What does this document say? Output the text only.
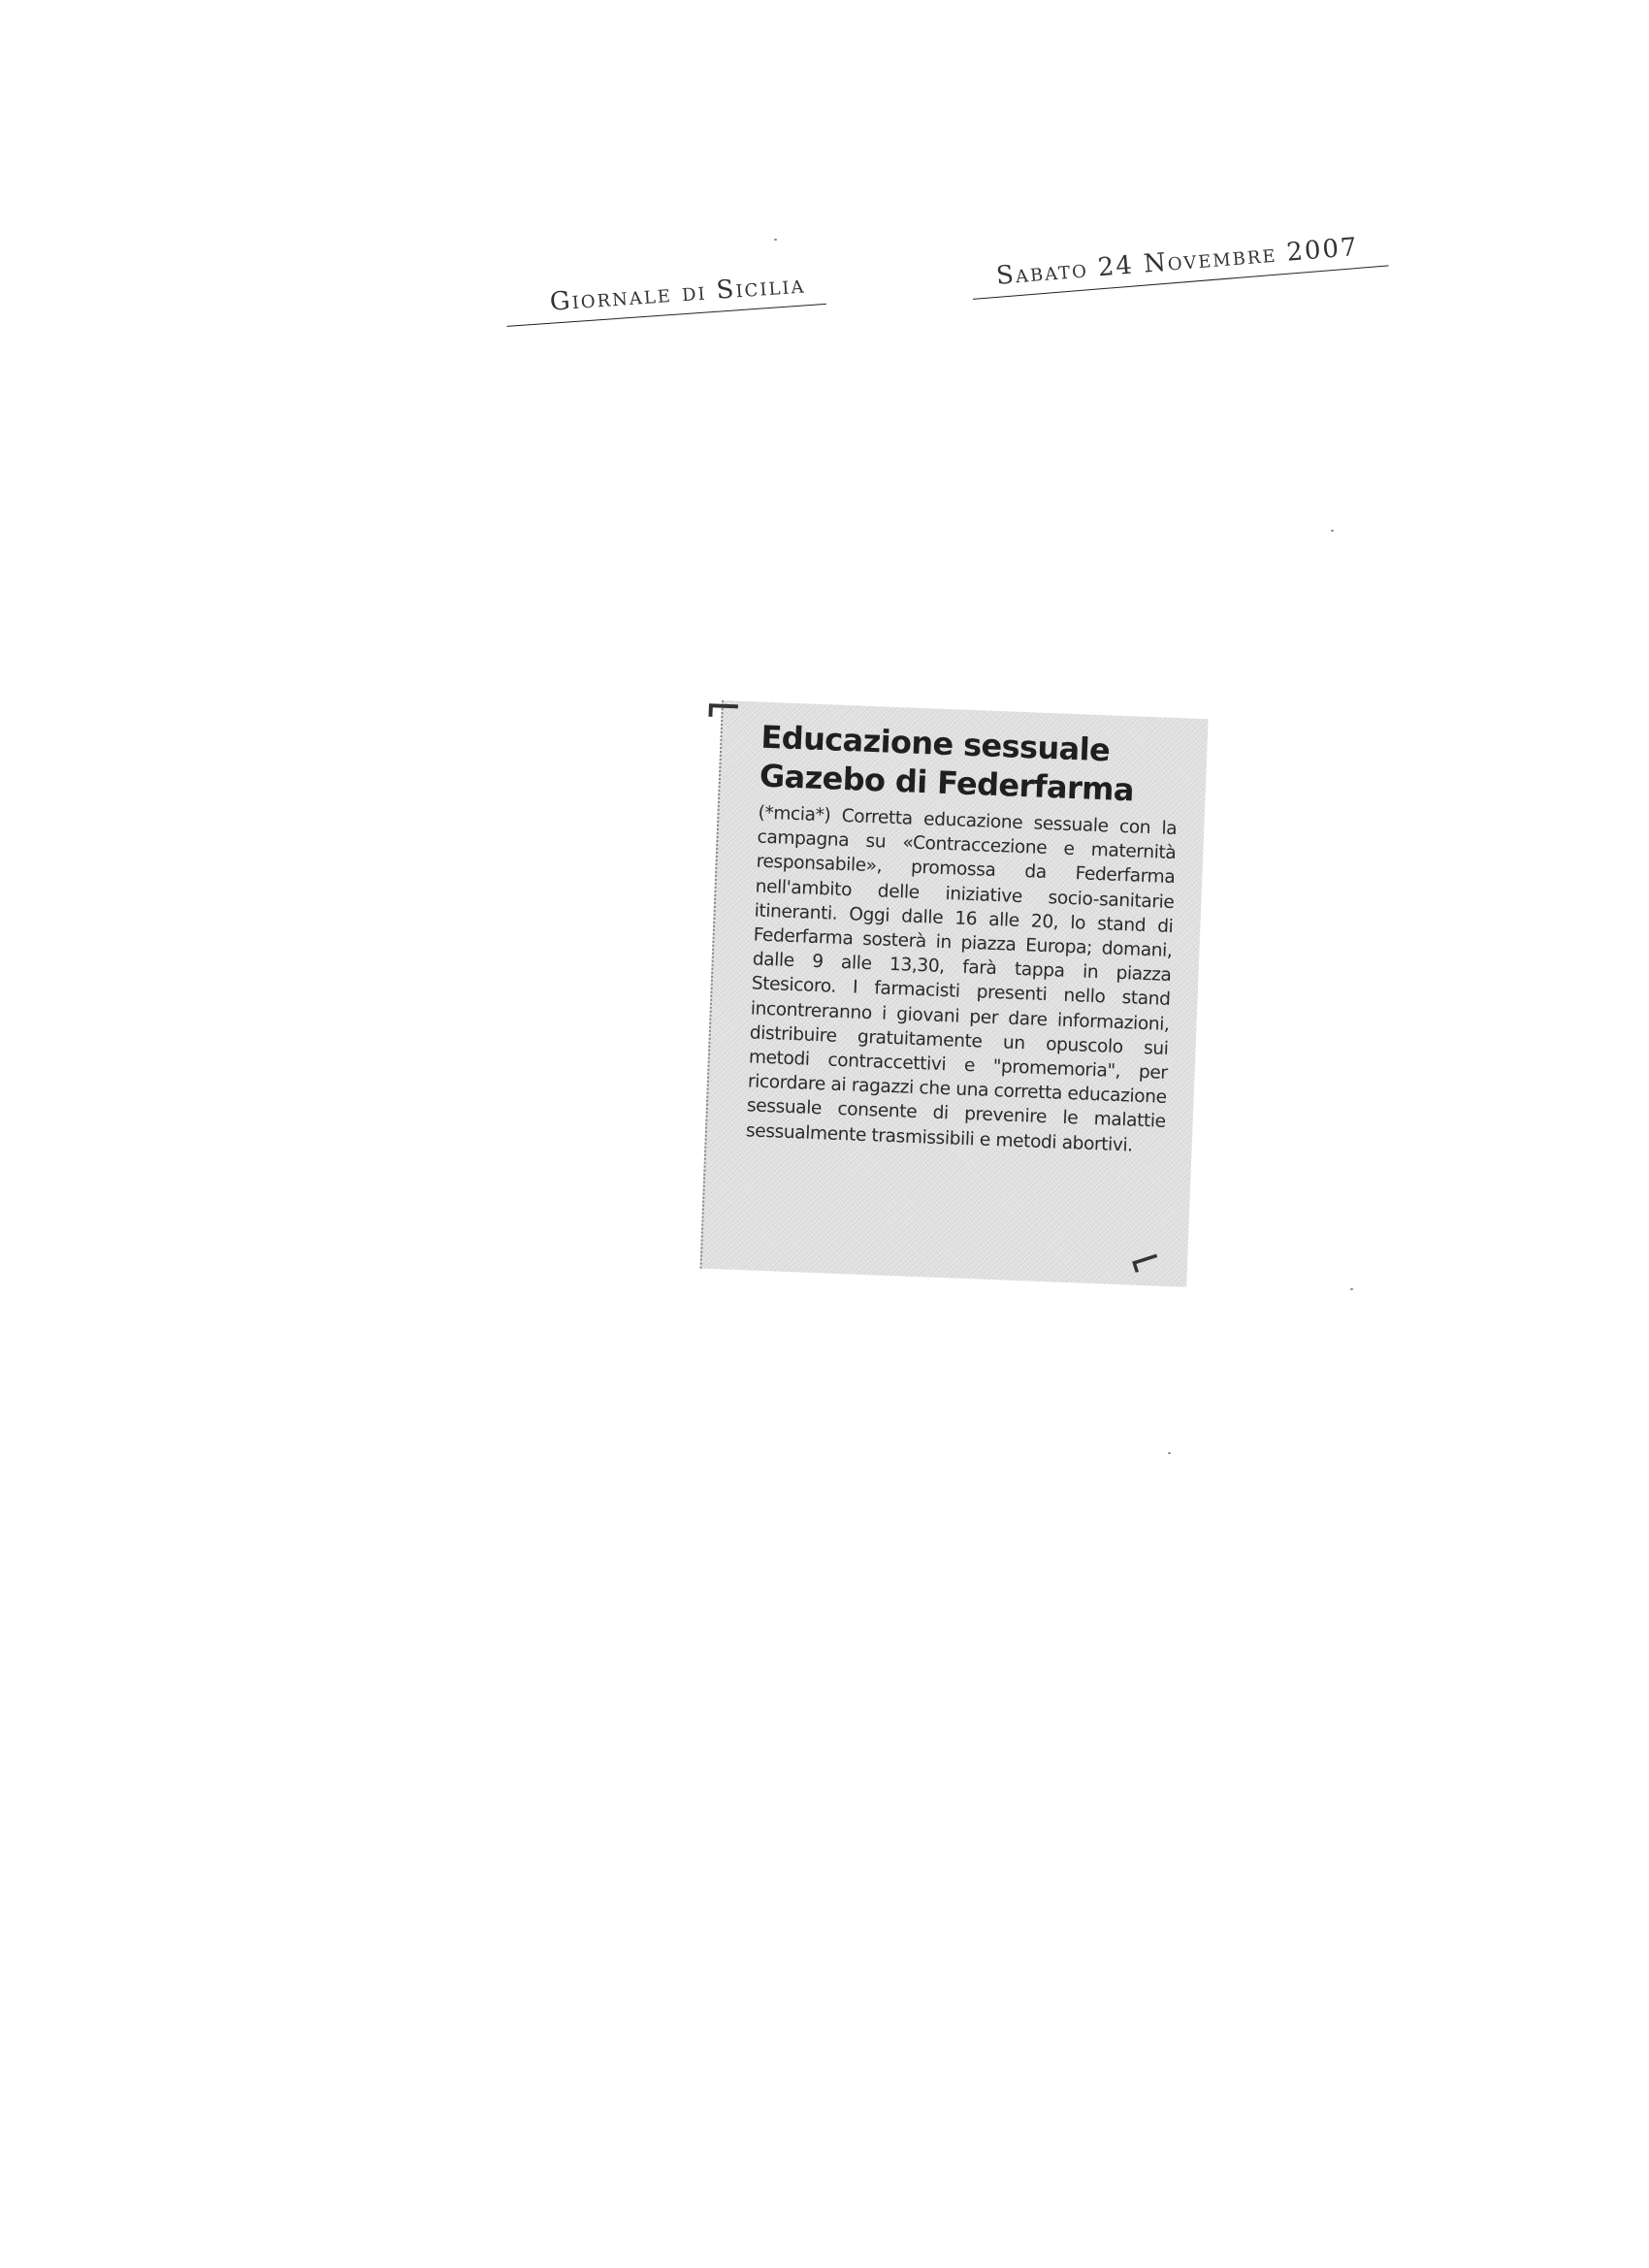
Giornale di Sicilia
Sabato 24 Novembre 2007
⌐
Educazione sessuale
Gazebo di Federfarma

(*mcia*) Corretta educazione sessuale con la campagna su «Contraccezione e maternità responsabile», promossa da Federfarma nell'ambito delle iniziative socio-sanitarie itineranti. Oggi dalle 16 alle 20, lo stand di Federfarma sosterà in piazza Europa; domani, dalle 9 alle 13,30, farà tappa in piazza Stesicoro. I farmacisti presenti nello stand incontreranno i giovani per dare informazioni, distribuire gratuitamente un opuscolo sui metodi contraccettivi e "promemoria", per ricordare ai ragazzi che una corretta educazione sessuale consente di prevenire le malattie sessualmente trasmissibili e metodi abortivi.

⌐
